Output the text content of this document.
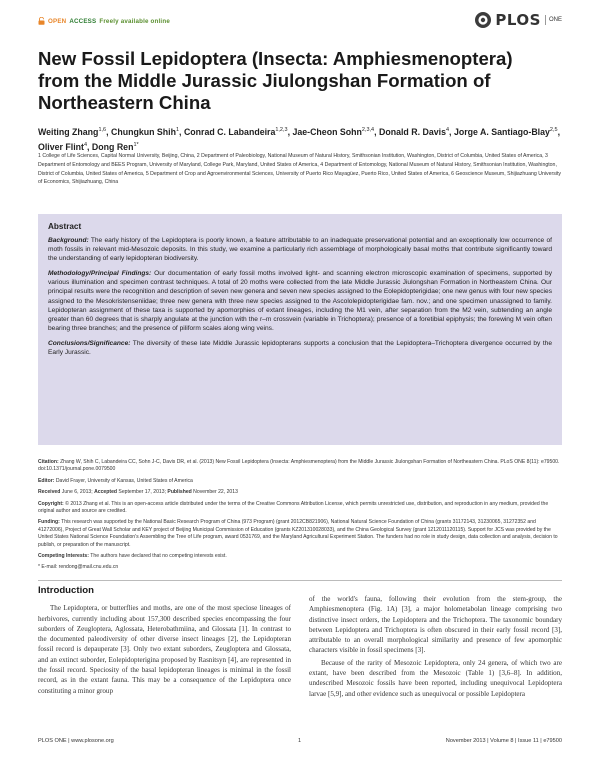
OPEN ACCESS Freely available online	PLOS	ONE
New Fossil Lepidoptera (Insecta: Amphiesmenoptera) from the Middle Jurassic Jiulongshan Formation of Northeastern China
Weiting Zhang$^{1,6}$, Chungkun Shih$^1$, Conrad C. Labandeira$^{1,2,3}$, Jae-Cheon Sohn$^{2,3,4}$, Donald R. Davis$^4$, Jorge A. Santiago-Blay$^{2,5}$, Oliver Flint$^4$, Dong Ren$^{1*}$
1 College of Life Sciences, Capital Normal University, Beijing, China, 2 Department of Paleobiology, National Museum of Natural History, Smithsonian Institution, Washington, District of Columbia, United States of America, 3 Department of Entomology and BEES Program, University of Maryland, College Park, Maryland, United States of America, 4 Department of Entomology, National Museum of Natural History, Smithsonian Institution, Washington, District of Columbia, United States of America, 5 Department of Crop and Agroenvironmental Sciences, University of Puerto Rico Mayagüez, Puerto Rico, United States of America, 6 Geoscience Museum, Shijiazhuang University of Economics, Shijiazhuang, China
Abstract

Background: The early history of the Lepidoptera is poorly known, a feature attributable to an inadequate preservational potential and an exceptionally low occurrence of moth fossils in relevant mid-Mesozoic deposits. In this study, we examine a particularly rich assemblage of morphologically basal moths that contribute significantly toward the understanding of early lepidopteran biodiversity.

Methodology/Principal Findings: Our documentation of early fossil moths involved light- and scanning electron microscopic examination of specimens, supported by various illumination and specimen contrast techniques. A total of 20 moths were collected from the late Middle Jurassic Jiulongshan Formation in Northeastern China. Our principal results were the recognition and description of seven new genera and seven new species assigned to the Eolepidopterigidae; one new genus with four new species assigned to the Mesokristenseniidae; three new genera with three new species assigned to the Ascololepidopterigidae fam. nov.; and one specimen unassigned to family. Lepidopteran assignment of these taxa is supported by apomorphies of extant lineages, including the M1 vein, after separation from the M2 vein, subtending an angle greater than 60 degrees that is sharply angulate at the junction with the r–m crossvein (variable in Trichoptera); presence of a foretibial epiphysis; the forewing M vein often bearing three branches; and the presence of piliform scales along wing veins.

Conclusions/Significance: The diversity of these late Middle Jurassic lepidopterans supports a conclusion that the Lepidoptera–Trichoptera divergence occurred by the Early Jurassic.

Citation: Zhang W, Shih C, Labandeira CC, Sohn J-C, Davis DR, et al. (2013) New Fossil Lepidoptera (Insecta: Amphiesmenoptera) from the Middle Jurassic Jiulongshan Formation of Northeastern China. PLoS ONE 8(11): e79500. doi:10.1371/journal.pone.0079500

Editor: David Frayer, University of Kansas, United States of America

Received June 6, 2013; Accepted September 17, 2013; Published November 22, 2013

Copyright: © 2013 Zhang et al. This is an open-access article distributed under the terms of the Creative Commons Attribution License, which permits unrestricted use, distribution, and reproduction in any medium, provided the original author and source are credited.

Funding: This research was supported by the National Basic Research Program of China (973 Program) (grant 2012CB821906), National Natural Science Foundation of China (grants 31172143, 31230065, 31272352 and 41272006), Project of Great Wall Scholar and KEY project of Beijing Municipal Commission of Education (grants KZ201310028033), and the China Geological Survey (grant 1212011120115). Support for JCS was provided by the United States National Science Foundation's Assembling the Tree of Life program, award 0531769, and the Maryland Agricultural Experiment Station. The funders had no role in study design, data collection and analysis, decision to publish, or preparation of the manuscript.

Competing Interests: The authors have declared that no competing interests exist.

* E-mail: rendong@mail.cnu.edu.cn

Introduction

The Lepidoptera, or butterflies and moths, are one of the most speciose lineages of herbivores, currently including about 157,300 described species encompassing the four suborders of Zeugloptera, Aglossata, Heterobathmiina, and Glossata [1]. In contrast to the documented paleodiversity of other diverse insect lineages [2], the Lepidopteran fossil record is depauperate [3]. Only two extant suborders, Zeugloptera and Glossata, and an extinct suborder, Eolepidopterigina proposed by Rasnitsyn [4], are represented in the fossil record. Speciosity of the basal lepidopteran lineages is minimal in the fossil record, as in the extant fauna. This may be a consequence of the Lepidoptera once constituting a minor group

of the world's fauna, following their evolution from the stem-group, the Amphiesmenoptera (Fig. 1A) [3], a major holometabolan lineage comprising two distinctive insect orders, the Lepidoptera and the Trichoptera. The taxonomic boundary between Lepidoptera and Trichoptera is often obscured in their early fossil record [3], attributable to an overall morphological similarity and presence of few apomorphic characters visible in fossil specimens [3].

Because of the rarity of Mesozoic Lepidoptera, only 24 genera, of which two are extant, have been described from the Mesozoic (Table 1) [3,6–8]. In addition, undescribed Mesozoic fossils have been reported, including unequivocal Lepidoptera larvae [5,9], and other evidence such as unequivocal or possible Lepidoptera

PLOS ONE | www.plosone.org	1	November 2013 | Volume 8 | Issue 11 | e79500
